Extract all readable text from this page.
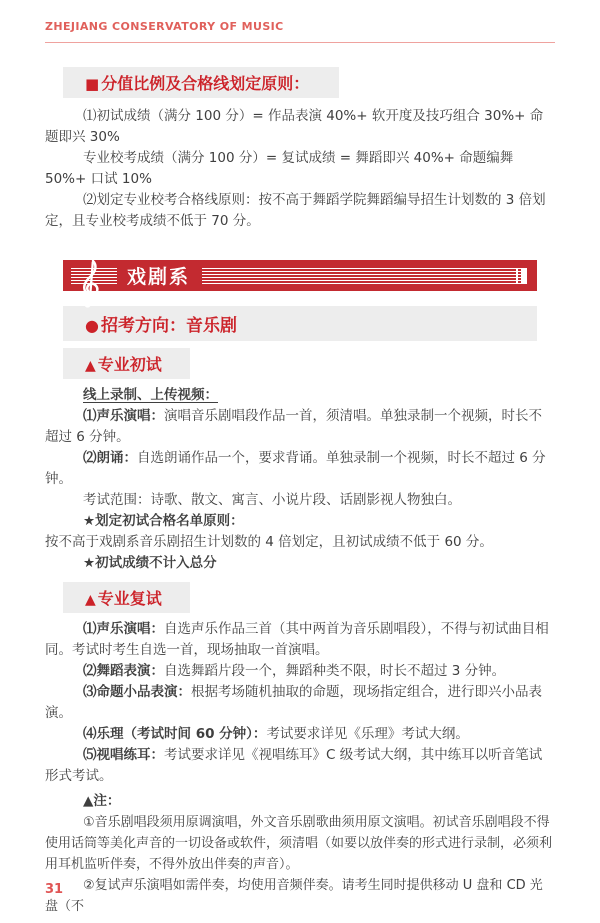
ZHEJIANG CONSERVATORY OF MUSIC
■ 分值比例及合格线划定原则：

⑴初试成绩（满分 100 分）= 作品表演 40%+ 软开度及技巧组合 30%+ 命题即兴 30%

专业校考成绩（满分 100 分）= 复试成绩 = 舞蹈即兴 40%+ 命题编舞 50%+ 口试 10%

⑵划定专业校考合格线原则：按不高于舞蹈学院舞蹈编导招生计划数的 3 倍划定，且专业校考成绩不低于 70 分。

戏剧系
● 招考方向：音乐剧
▲ 专业初试

线上录制、上传视频：

⑴声乐演唱：演唱音乐剧唱段作品一首，须清唱。单独录制一个视频，时长不超过 6 分钟。

⑵朗诵：自选朗诵作品一个，要求背诵。单独录制一个视频，时长不超过 6 分钟。

考试范围：诗歌、散文、寓言、小说片段、话剧影视人物独白。

★划定初试合格名单原则：

按不高于戏剧系音乐剧招生计划数的 4 倍划定，且初试成绩不低于 60 分。

★初试成绩不计入总分

▲ 专业复试

⑴声乐演唱：自选声乐作品三首（其中两首为音乐剧唱段），不得与初试曲目相同。考试时考生自选一首，现场抽取一首演唱。

⑵舞蹈表演：自选舞蹈片段一个，舞蹈种类不限，时长不超过 3 分钟。

⑶命题小品表演：根据考场随机抽取的命题，现场指定组合，进行即兴小品表演。

⑷乐理（考试时间 60 分钟）：考试要求详见《乐理》考试大纲。

⑸视唱练耳：考试要求详见《视唱练耳》C 级考试大纲，其中练耳以听音笔试形式考试。

▲注：

①音乐剧唱段须用原调演唱，外文音乐剧歌曲须用原文演唱。初试音乐剧唱段不得使用话筒等美化声音的一切设备或软件，须清唱（如要以放伴奏的形式进行录制，必须利用耳机监听伴奏，不得外放出伴奏的声音）。

②复试声乐演唱如需伴奏，均使用音频伴奏。请考生同时提供移动 U 盘和 CD 光盘（不

31
